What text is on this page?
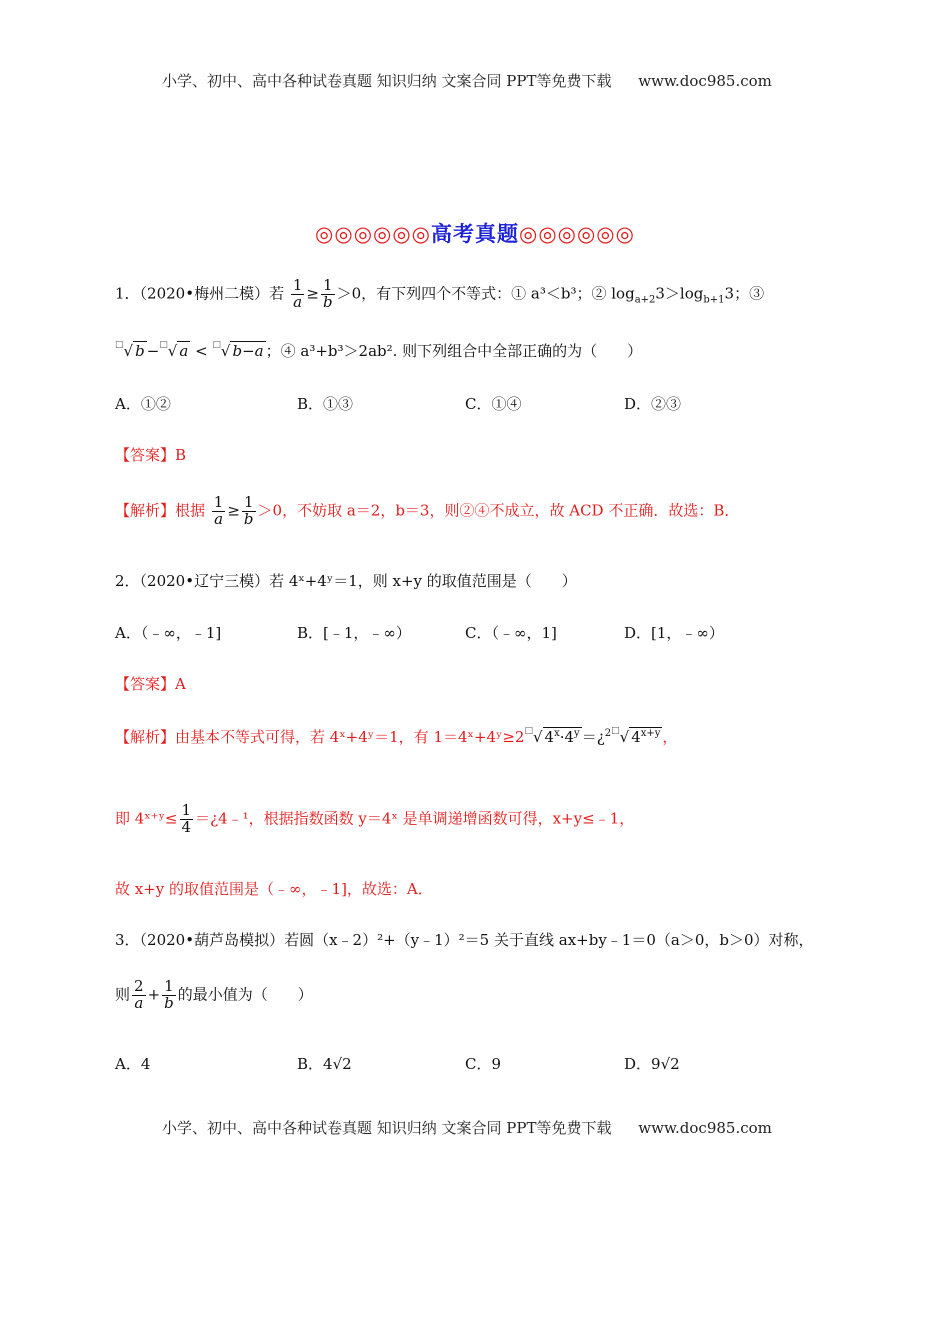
小学、初中、高中各种试卷真题 知识归纳 文案合同 PPT等免费下载 www.doc985.com
◎◎◎◎◎◎高考真题◎◎◎◎◎◎
1．（2020•梅州二模）若 $\frac{1}{a} \ge \frac{1}{b} >0$，有下列四个不等式：① a³＜b³；② $\log_{a+2}3>\log_{b+1}3$；③
□√ b −□√ a < □√ b−a ；④ a³+b³＞2ab². 则下列组合中全部正确的为（　　）
A．①②	B．①③	C．①④	D．②③
【答案】B
【解析】根据 $\frac{1}{a} \ge \frac{1}{b} >0$，不妨取 a＝2，b＝3，则②④不成立，故 ACD 不正确．故选：B．
2．（2020•辽宁三模）若 4ˣ+4ʸ＝1，则 x+y 的取值范围是（　　）
A．（﹣∞，﹣1]	B．[﹣1，﹣∞）	C．（﹣∞，1]	D．[1，﹣∞）
【答案】A
【解析】由基本不等式可得，若 4ˣ+4ʸ＝1，有 1＝4ˣ+4ʸ≥2□√ $4^x\cdot 4^y$ ＝¿$^{2□}$√ $4^{x+y}$ ，
即 4ˣ⁺ʸ≤ $\frac{1}{4}$ ＝¿4﹣¹，根据指数函数 y＝4ˣ 是单调递增函数可得，x+y≤﹣1，
故 x+y 的取值范围是（﹣∞，﹣1]，故选：A．
3．（2020•葫芦岛模拟）若圆（x﹣2）²+（y﹣1）²＝5 关于直线 ax+by﹣1＝0（a＞0，b＞0）对称，
则 $\frac{2}{a} + \frac{1}{b}$ 的最小值为（　　）
A．4	B．4√2	C．9	D．9√2
小学、初中、高中各种试卷真题 知识归纳 文案合同 PPT等免费下载 www.doc985.com
